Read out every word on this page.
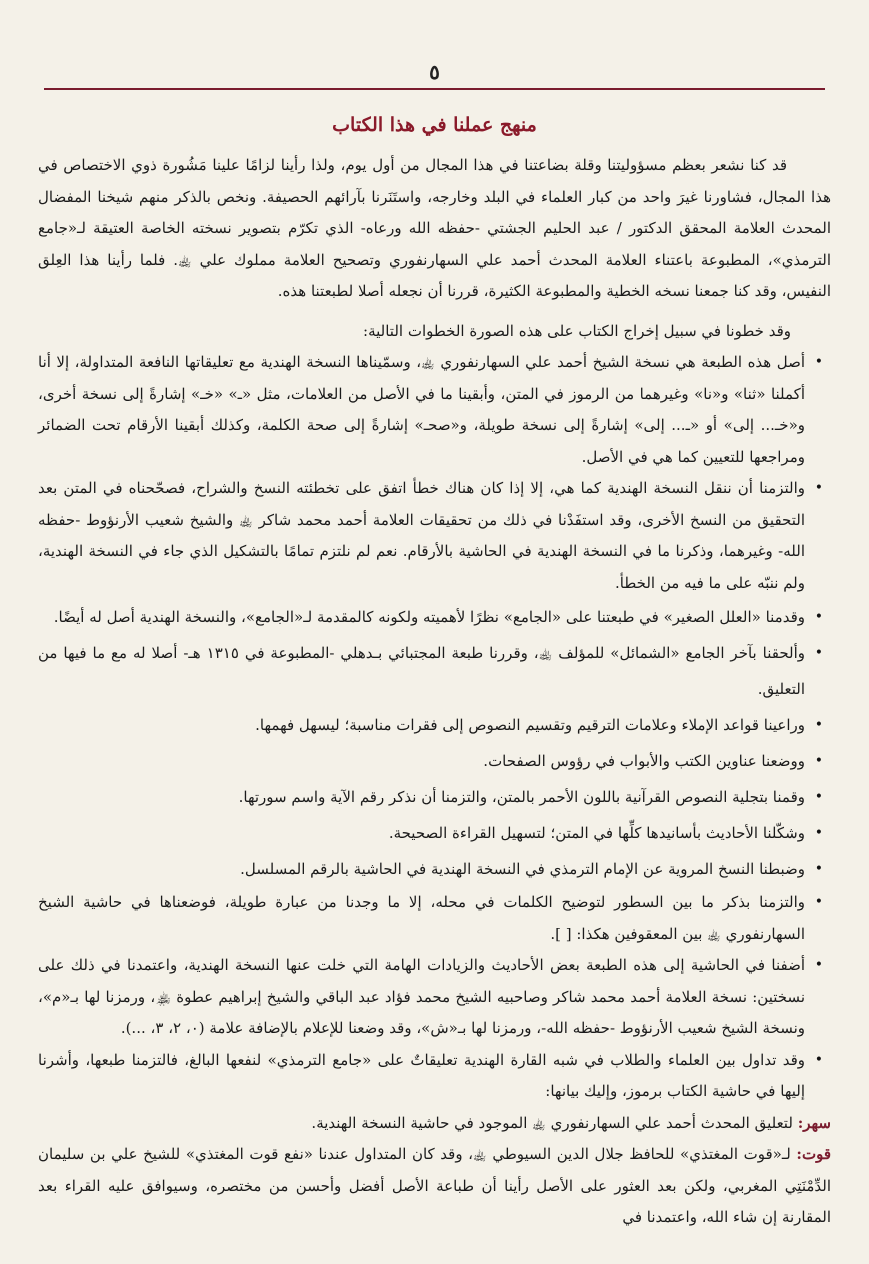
٥
منهج عملنا في هذا الكتاب

قد كنا نشعر بعظم مسؤوليتنا وقلة بضاعتنا في هذا المجال من أول يوم، ولذا رأينا لزامًا علينا مَشُورة ذوي الاختصاص في هذا المجال، فشاورنا غيرَ واحد من كبار العلماء في البلد وخارجه، واستَنَرنا بآرائهم الحصيفة. ونخص بالذكر منهم شيخنا المفضال المحدث العلامة المحقق الدكتور / عبد الحليم الجشتي -حفظه الله ورعاه- الذي تكرّم بتصوير نسخته الخاصة العتيقة لـ«جامع الترمذي»، المطبوعة باعتناء العلامة المحدث أحمد علي السهارنفوري وتصحيح العلامة مملوك علي ﵀. فلما رأينا هذا العِلق النفيس، وقد كنا جمعنا نسخه الخطية والمطبوعة الكثيرة، قررنا أن نجعله أصلا لطبعتنا هذه.

وقد خطونا في سبيل إخراج الكتاب على هذه الصورة الخطوات التالية:

•
أصل هذه الطبعة هي نسخة الشيخ أحمد علي السهارنفوري ﵀، وسمّيناها النسخة الهندية مع تعليقاتها النافعة المتداولة، إلا أنا أكملنا «ثنا» و«نا» وغيرهما من الرموز في المتن، وأبقينا ما في الأصل من العلامات، مثل «ـ» «خـ» إشارةً إلى نسخة أخرى، و«خـ... إلى» أو «ـ... إلى» إشارةً إلى نسخة طويلة، و«صحـ» إشارةً إلى صحة الكلمة، وكذلك أبقينا الأرقام تحت الضمائر ومراجعها للتعيين كما هي في الأصل.
•
والتزمنا أن ننقل النسخة الهندية كما هي، إلا إذا كان هناك خطأ اتفق على تخطئته النسخ والشراح، فصحّحناه في المتن بعد التحقيق من النسخ الأخرى، وقد استفَدْنا في ذلك من تحقيقات العلامة أحمد محمد شاكر ﵀ والشيخ شعيب الأرنؤوط -حفظه الله- وغيرهما، وذكرنا ما في النسخة الهندية في الحاشية بالأرقام. نعم لم نلتزم تمامًا بالتشكيل الذي جاء في النسخة الهندية، ولم ننبّه على ما فيه من الخطأ.
•
وقدمنا «العلل الصغير» في طبعتنا على «الجامع» نظرًا لأهميته ولكونه كالمقدمة لـ«الجامع»، والنسخة الهندية أصل له أيضًا.
•
وألحقنا بآخر الجامع «الشمائل» للمؤلف ﵀، وقررنا طبعة المجتبائي بـدهلي -المطبوعة في ١٣١٥ هـ- أصلا له مع ما فيها من التعليق.
•
وراعينا قواعد الإملاء وعلامات الترقيم وتقسيم النصوص إلى فقرات مناسبة؛ ليسهل فهمها.
•
ووضعنا عناوين الكتب والأبواب في رؤوس الصفحات.
•
وقمنا بتجلية النصوص القرآنية باللون الأحمر بالمتن، والتزمنا أن نذكر رقم الآية واسم سورتها.
•
وشكّلنا الأحاديث بأسانيدها كلِّها في المتن؛ لتسهيل القراءة الصحيحة.
•
وضبطنا النسخ المروية عن الإمام الترمذي في النسخة الهندية في الحاشية بالرقم المسلسل.
•
والتزمنا بذكر ما بين السطور لتوضيح الكلمات في محله، إلا ما وجدنا من عبارة طويلة، فوضعناها في حاشية الشيخ السهارنفوري ﵀ بين المعقوفين هكذا: [ ].
•
أضفنا في الحاشية إلى هذه الطبعة بعض الأحاديث والزيادات الهامة التي خلت عنها النسخة الهندية، واعتمدنا في ذلك على نسختين: نسخة العلامة أحمد محمد شاكر وصاحبيه الشيخ محمد فؤاد عبد الباقي والشيخ إبراهيم عطوة ﵏، ورمزنا لها بـ«م»، ونسخة الشيخ شعيب الأرنؤوط -حفظه الله-، ورمزنا لها بـ«ش»، وقد وضعنا للإعلام بالإضافة علامة (٠، ٢، ٣، ...).
•
وقد تداول بين العلماء والطلاب في شبه القارة الهندية تعليقاتٌ على «جامع الترمذي» لنفعها البالغ، فالتزمنا طبعها، وأشرنا إليها في حاشية الكتاب برموز، وإليك بيانها:

سهر: لتعليق المحدث أحمد علي السهارنفوري ﵀ الموجود في حاشية النسخة الهندية.

قوت: لـ«قوت المغتذي» للحافظ جلال الدين السيوطي ﵀، وقد كان المتداول عندنا «نفع قوت المغتذي» للشيخ علي بن سليمان الدِّمْنَتِي المغربي، ولكن بعد العثور على الأصل رأينا أن طباعة الأصل أفضل وأحسن من مختصره، وسيوافق عليه القراء بعد المقارنة إن شاء الله، واعتمدنا في
